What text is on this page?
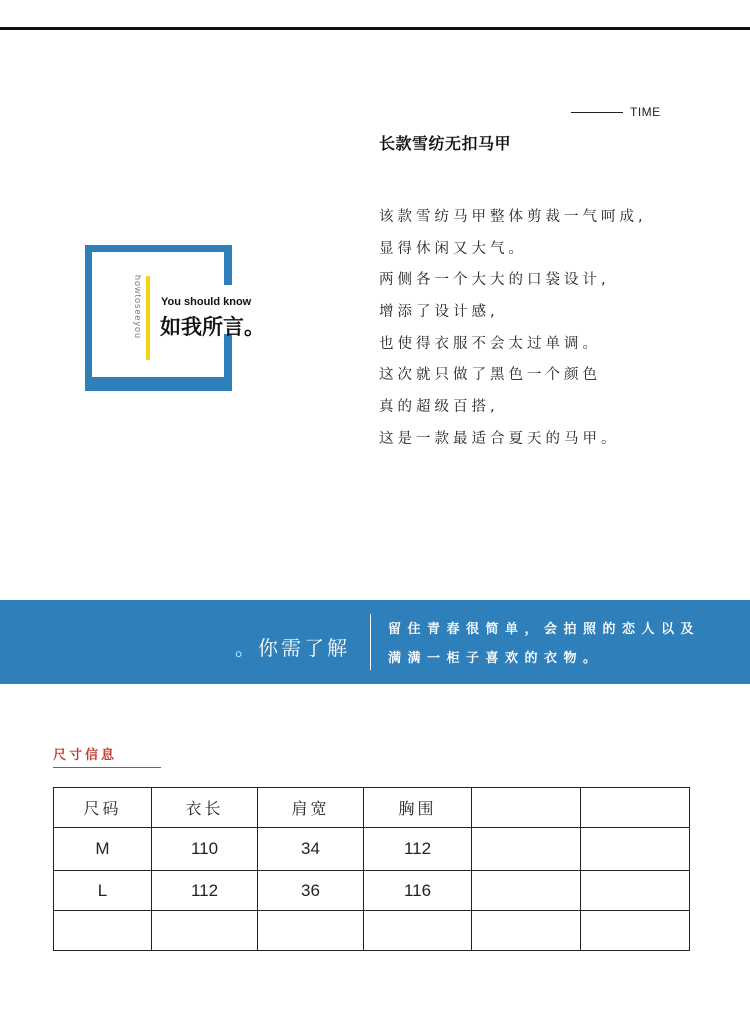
TIME
长款雪纺无扣马甲
该款雪纺马甲整体剪裁一气呵成,
显得休闲又大气。
两侧各一个大大的口袋设计,
增添了设计感,
也使得衣服不会太过单调。
这次就只做了黑色一个颜色
真的超级百搭,
这是一款最适合夏天的马甲。
howtoseeyou You should know
如我所言。
。你需了解
留住青春很简单，会拍照的恋人以及
满满一柜子喜欢的衣物。
尺寸信息
尺码	衣长	肩宽	胸围		
M	110	34	112		
L	112	36	116		
